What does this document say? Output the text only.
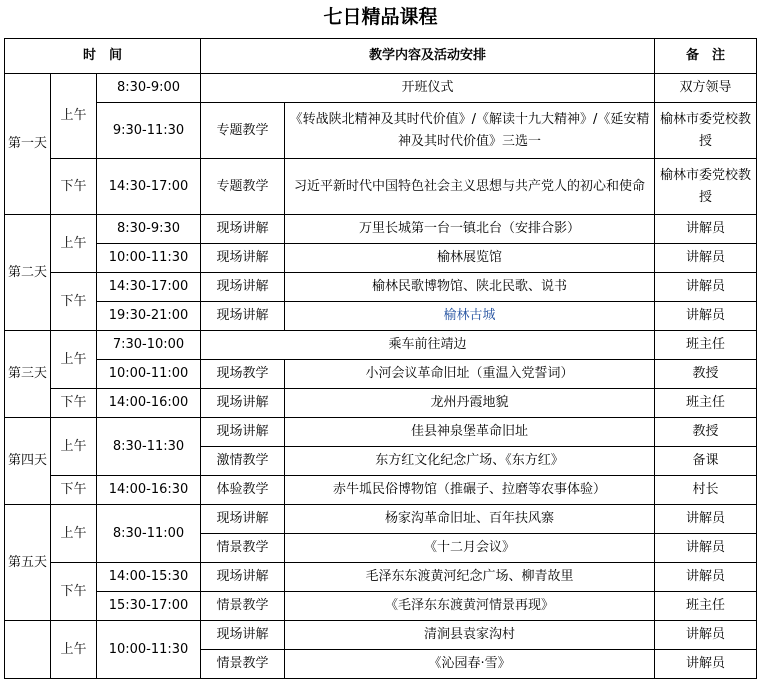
七日精品课程
时　间			教学内容及活动安排		备　注
第一天	上午	8:30-9:00	开班仪式		双方领导
		9:30-11:30	专题教学	《转战陕北精神及其时代价值》/《解读十九大精神》/《延安精神及其时代价值》三选一	榆林市委党校教授
	下午	14:30-17:00	专题教学	习近平新时代中国特色社会主义思想与共产党人的初心和使命	榆林市委党校教授
第二天	上午	8:30-9:30	现场讲解	万里长城第一台一镇北台（安排合影）	讲解员
		10:00-11:30	现场讲解	榆林展览馆	讲解员
	下午	14:30-17:00	现场讲解	榆林民歌博物馆、陕北民歌、说书	讲解员
		19:30-21:00	现场讲解	榆林古城	讲解员
第三天	上午	7:30-10:00	乘车前往靖边		班主任
		10:00-11:00	现场教学	小河会议革命旧址（重温入党誓词）	教授
	下午	14:00-16:00	现场讲解	龙州丹霞地貌	班主任
第四天	上午	8:30-11:30	现场讲解	佳县神泉堡革命旧址	教授
			激情教学	东方红文化纪念广场、《东方红》	备课
	下午	14:00-16:30	体验教学	赤牛坬民俗博物馆（推碾子、拉磨等农事体验）	村长
第五天	上午	8:30-11:00	现场讲解	杨家沟革命旧址、百年扶风寨	讲解员
			情景教学	《十二月会议》	讲解员
	下午	14:00-15:30	现场讲解	毛泽东东渡黄河纪念广场、柳青故里	讲解员
		15:30-17:00	情景教学	《毛泽东东渡黄河情景再现》	班主任
	上午	10:00-11:30	现场讲解	清涧县袁家沟村	讲解员
			情景教学	《沁园春·雪》	讲解员
